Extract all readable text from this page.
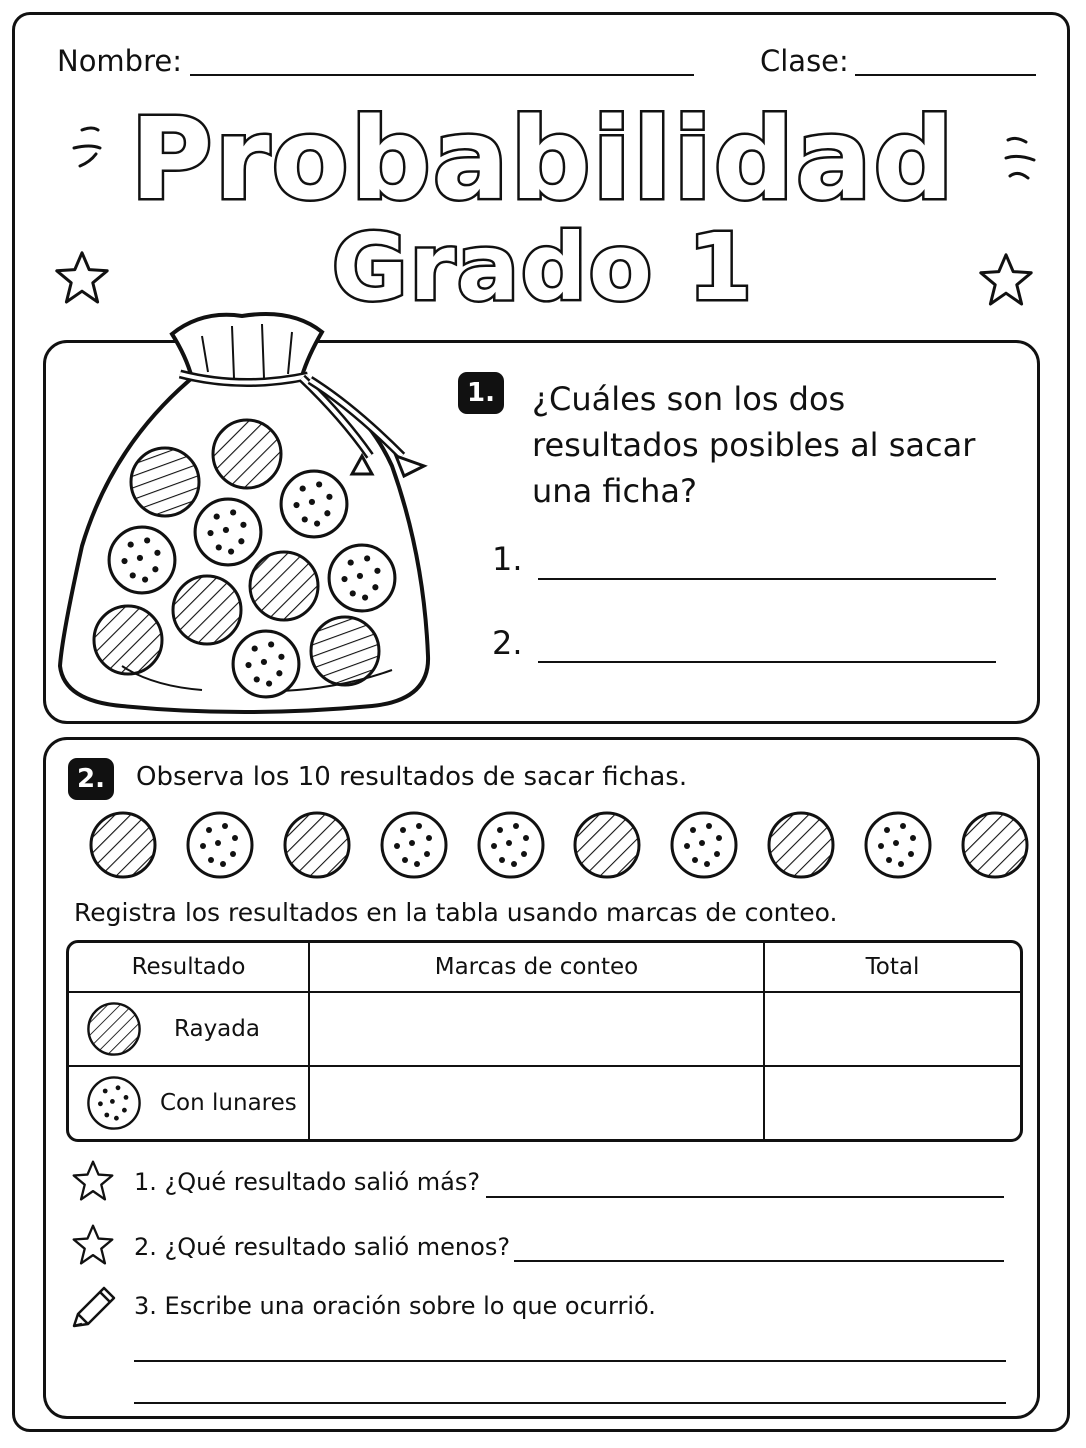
Nombre:	Clase:
Probabilidad
Grado 1
1. ¿Cuáles son los dos
resultados posibles al sacar
una ficha?
1.
2.
2.	Observa los 10 resultados de sacar fichas.
Registra los resultados en la tabla usando marcas de conteo.
Resultado	Marcas de conteo	Total

Rayada		

Con lunares		

1. ¿Qué resultado salió más?
2. ¿Qué resultado salió menos?
3. Escribe una oración sobre lo que ocurrió.
